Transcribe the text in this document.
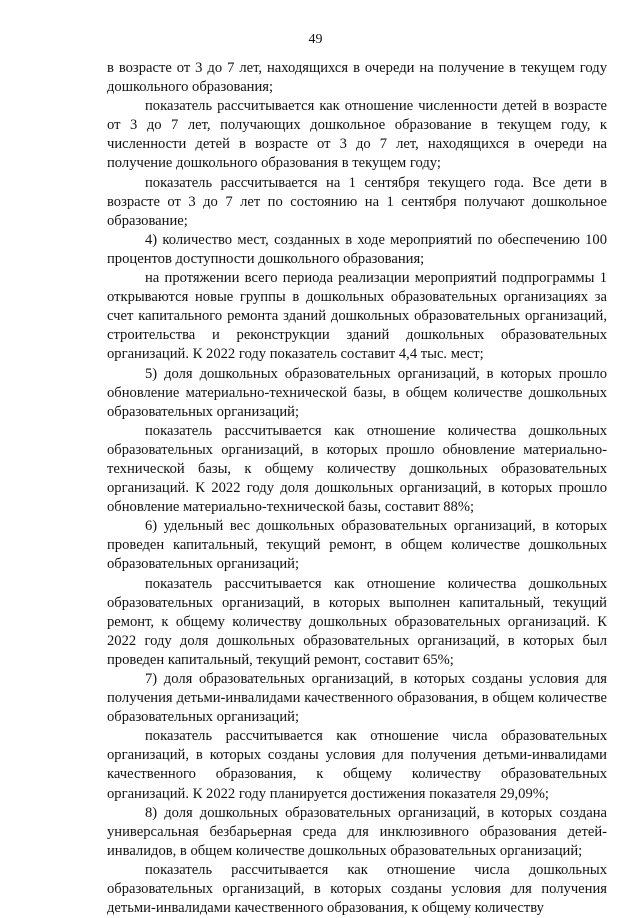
49

в возрасте от 3 до 7 лет, находящихся в очереди на получение в текущем году дошкольного образования;

показатель рассчитывается как отношение численности детей в возрасте от 3 до 7 лет, получающих дошкольное образование в текущем году, к численности детей в возрасте от 3 до 7 лет, находящихся в очереди на получение дошкольного образования в текущем году;

показатель рассчитывается на 1 сентября текущего года. Все дети в возрасте от 3 до 7 лет по состоянию на 1 сентября получают дошкольное образование;

4) количество мест, созданных в ходе мероприятий по обеспечению 100 процентов доступности дошкольного образования;

на протяжении всего периода реализации мероприятий подпрограммы 1 открываются новые группы в дошкольных образовательных организациях за счет капитального ремонта зданий дошкольных образовательных организаций, строительства и реконструкции зданий дошкольных образовательных организаций. К 2022 году показатель составит 4,4 тыс. мест;

5) доля дошкольных образовательных организаций, в которых прошло обновление материально-технической базы, в общем количестве дошкольных образовательных организаций;

показатель рассчитывается как отношение количества дошкольных образовательных организаций, в которых прошло обновление материально-технической базы, к общему количеству дошкольных образовательных организаций. К 2022 году доля дошкольных организаций, в которых прошло обновление материально-технической базы, составит 88%;

6) удельный вес дошкольных образовательных организаций, в которых проведен капитальный, текущий ремонт, в общем количестве дошкольных образовательных организаций;

показатель рассчитывается как отношение количества дошкольных образовательных организаций, в которых выполнен капитальный, текущий ремонт, к общему количеству дошкольных образовательных организаций. К 2022 году доля дошкольных образовательных организаций, в которых был проведен капитальный, текущий ремонт, составит 65%;

7) доля образовательных организаций, в которых созданы условия для получения детьми-инвалидами качественного образования, в общем количестве образовательных организаций;

показатель рассчитывается как отношение числа образовательных организаций, в которых созданы условия для получения детьми-инвалидами качественного образования, к общему количеству образовательных организаций. К 2022 году планируется достижения показателя 29,09%;

8) доля дошкольных образовательных организаций, в которых создана универсальная безбарьерная среда для инклюзивного образования детей-инвалидов, в общем количестве дошкольных образовательных организаций;

показатель рассчитывается как отношение числа дошкольных образовательных организаций, в которых созданы условия для получения детьми-инвалидами качественного образования, к общему количеству
